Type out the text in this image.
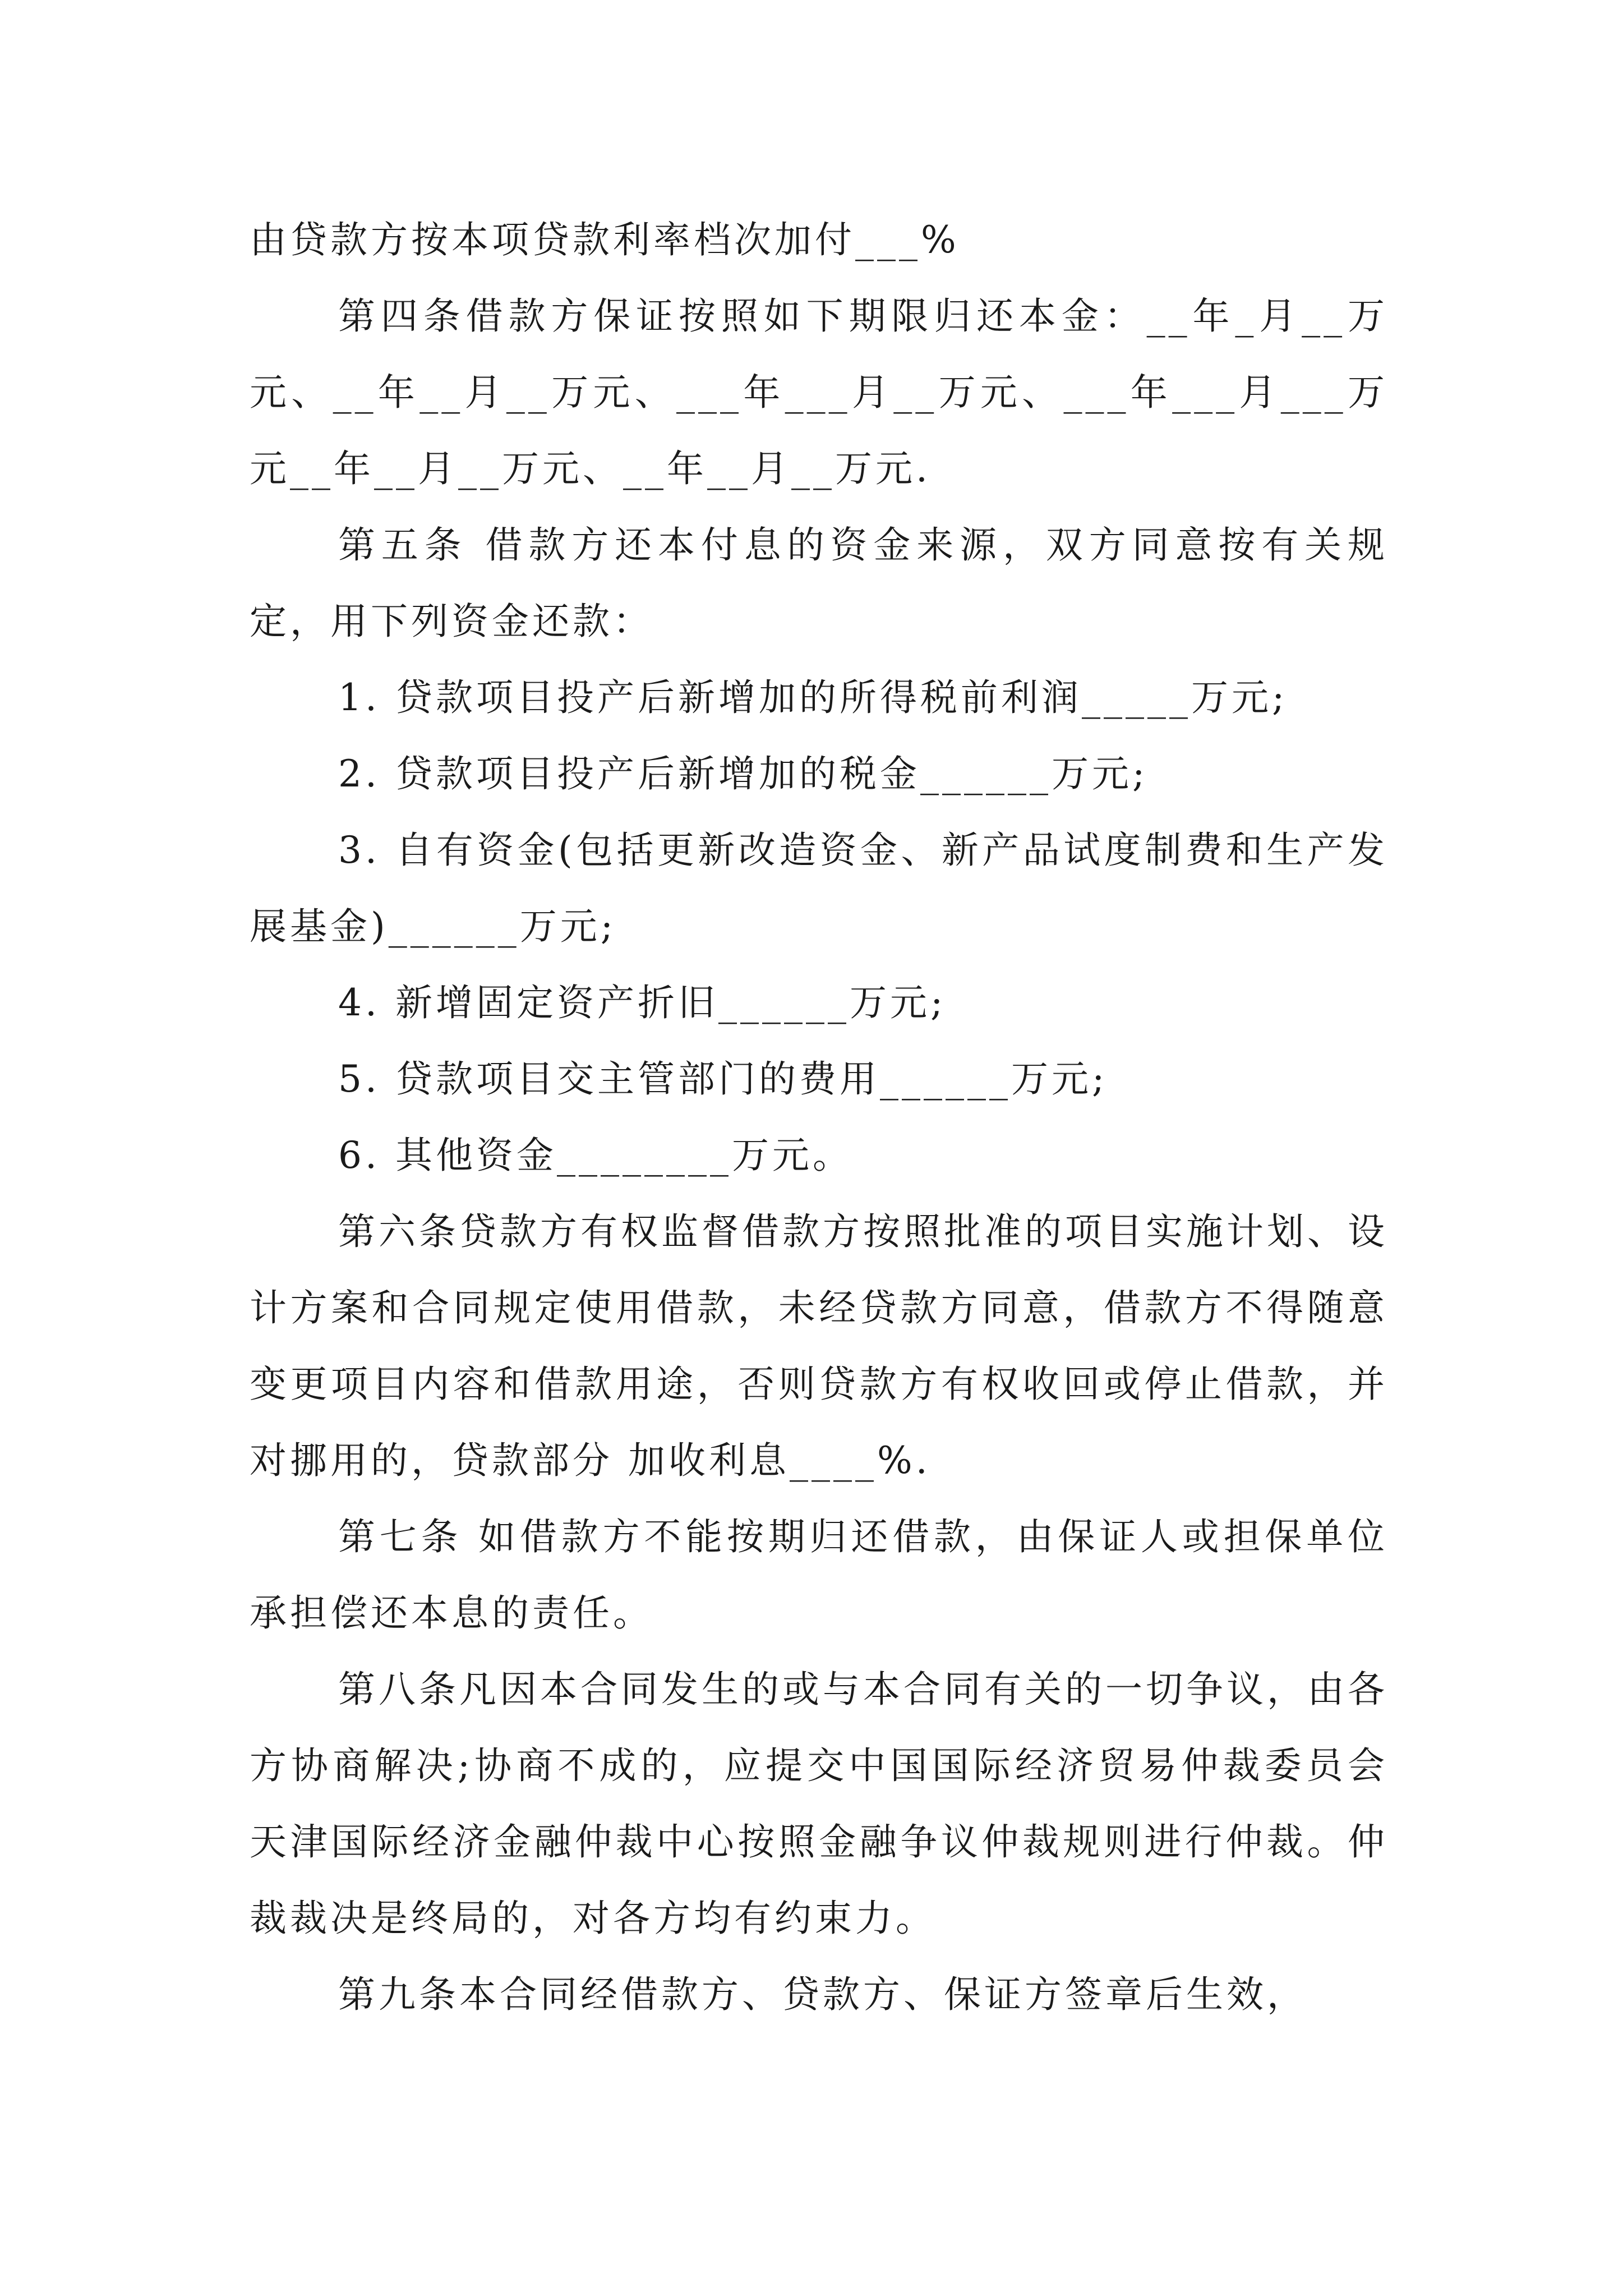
由贷款方按本项贷款利率档次加付___%

第四条借款方保证按照如下期限归还本金：__年_月__万元、__年__月__万元、___年___月__万元、___年___月___万元__年__月__万元、__年__月__万元.

第五条 借款方还本付息的资金来源，双方同意按有关规定，用下列资金还款：

1. 贷款项目投产后新增加的所得税前利润_____万元;

2. 贷款项目投产后新增加的税金______万元;

3. 自有资金(包括更新改造资金、新产品试度制费和生产发展基金)______万元;

4. 新增固定资产折旧______万元;

5. 贷款项目交主管部门的费用______万元;

6. 其他资金________万元。

第六条贷款方有权监督借款方按照批准的项目实施计划、设计方案和合同规定使用借款，未经贷款方同意，借款方不得随意变更项目内容和借款用途，否则贷款方有权收回或停止借款，并对挪用的，贷款部分 加收利息____%.

第七条 如借款方不能按期归还借款，由保证人或担保单位承担偿还本息的责任。

第八条凡因本合同发生的或与本合同有关的一切争议，由各方协商解决;协商不成的，应提交中国国际经济贸易仲裁委员会天津国际经济金融仲裁中心按照金融争议仲裁规则进行仲裁。仲裁裁决是终局的，对各方均有约束力。

第九条本合同经借款方、贷款方、保证方签章后生效，
